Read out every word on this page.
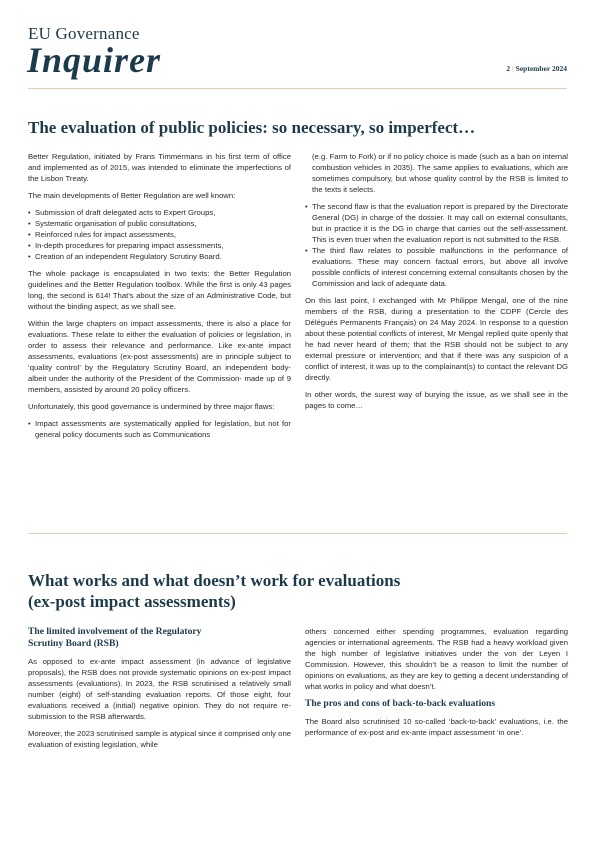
EU Governance
Inquirer	2 | September 2024
The evaluation of public policies: so necessary, so imperfect…

Better Regulation, initiated by Frans Timmermans in his first term of office and implemented as of 2015, was intended to eliminate the imperfections of the Lisbon Treaty.

The main developments of Better Regulation are well known:

• Submission of draft delegated acts to Expert Groups,
• Systematic organisation of public consultations,
• Reinforced rules for impact assessments,
• In-depth procedures for preparing impact assessments,
• Creation of an independent Regulatory Scrutiny Board.

The whole package is encapsulated in two texts: the Better Regulation guidelines and the Better Regulation toolbox. While the first is only 43 pages long, the second is 614! That’s about the size of an Administrative Code, but without the binding aspect, as we shall see.

Within the large chapters on impact assessments, there is also a place for evaluations. These relate to either the evaluation of policies or legislation, in order to assess their relevance and performance. Like ex-ante impact assessments, evaluations (ex-post assessments) are in principle subject to ‘quality control’ by the Regulatory Scrutiny Board, an independent body- albeit under the authority of the President of the Commission- made up of 9 members, assisted by around 20 policy officers.

Unfortunately, this good governance is undermined by three major flaws:

• Impact assessments are systematically applied for legislation, but not for general policy documents such as Communications

(e.g. Farm to Fork) or if no policy choice is made (such as a ban on internal combustion vehicles in 2035). The same applies to evaluations, which are sometimes compulsory, but whose quality control by the RSB is limited to the texts it selects.

• The second flaw is that the evaluation report is prepared by the Directorate General (DG) in charge of the dossier. It may call on external consultants, but in practice it is the DG in charge that carries out the self-assessment. This is even truer when the evaluation report is not submitted to the RSB.
• The third flaw relates to possible malfunctions in the performance of evaluations. These may concern factual errors, but above all involve possible conflicts of interest concerning external consultants chosen by the Commission and lack of adequate data.

On this last point, I exchanged with Mr Philippe Mengal, one of the nine members of the RSB, during a presentation to the CDPF (Cercle des Délégués Permanents Français) on 24 May 2024. In response to a question about these potential conflicts of interest, Mr Mengal replied quite openly that he had never heard of them; that the RSB should not be subject to any external pressure or intervention; and that if there was any suspicion of a conflict of interest, it was up to the complainant(s) to contact the relevant DG directly.

In other words, the surest way of burying the issue, as we shall see in the pages to come…

What works and what doesn’t work for evaluations
(ex-post impact assessments)
The limited involvement of the Regulatory
Scrutiny Board (RSB)

As opposed to ex-ante impact assessment (in advance of legislative proposals), the RSB does not provide systematic opinions on ex-post impact assessments (evaluations). In 2023, the RSB scrutinised a relatively small number (eight) of self-standing evaluation reports. Of those eight, four evaluations received a (initial) negative opinion. They do not require re-submission to the RSB afterwards.

Moreover, the 2023 scrutinised sample is atypical since it comprised only one evaluation of existing legislation, while

others concerned either spending programmes, evaluation regarding agencies or international agreements. The RSB had a heavy workload given the high number of legislative initiatives under the von der Leyen I Commission. However, this shouldn’t be a reason to limit the number of opinions on evaluations, as they are key to getting a decent understanding of what works in policy and what doesn’t.

The pros and cons of back-to-back evaluations

The Board also scrutinised 10 so-called ‘back-to-back’ evaluations, i.e. the performance of ex-post and ex-ante impact assessment ‘in one’.
